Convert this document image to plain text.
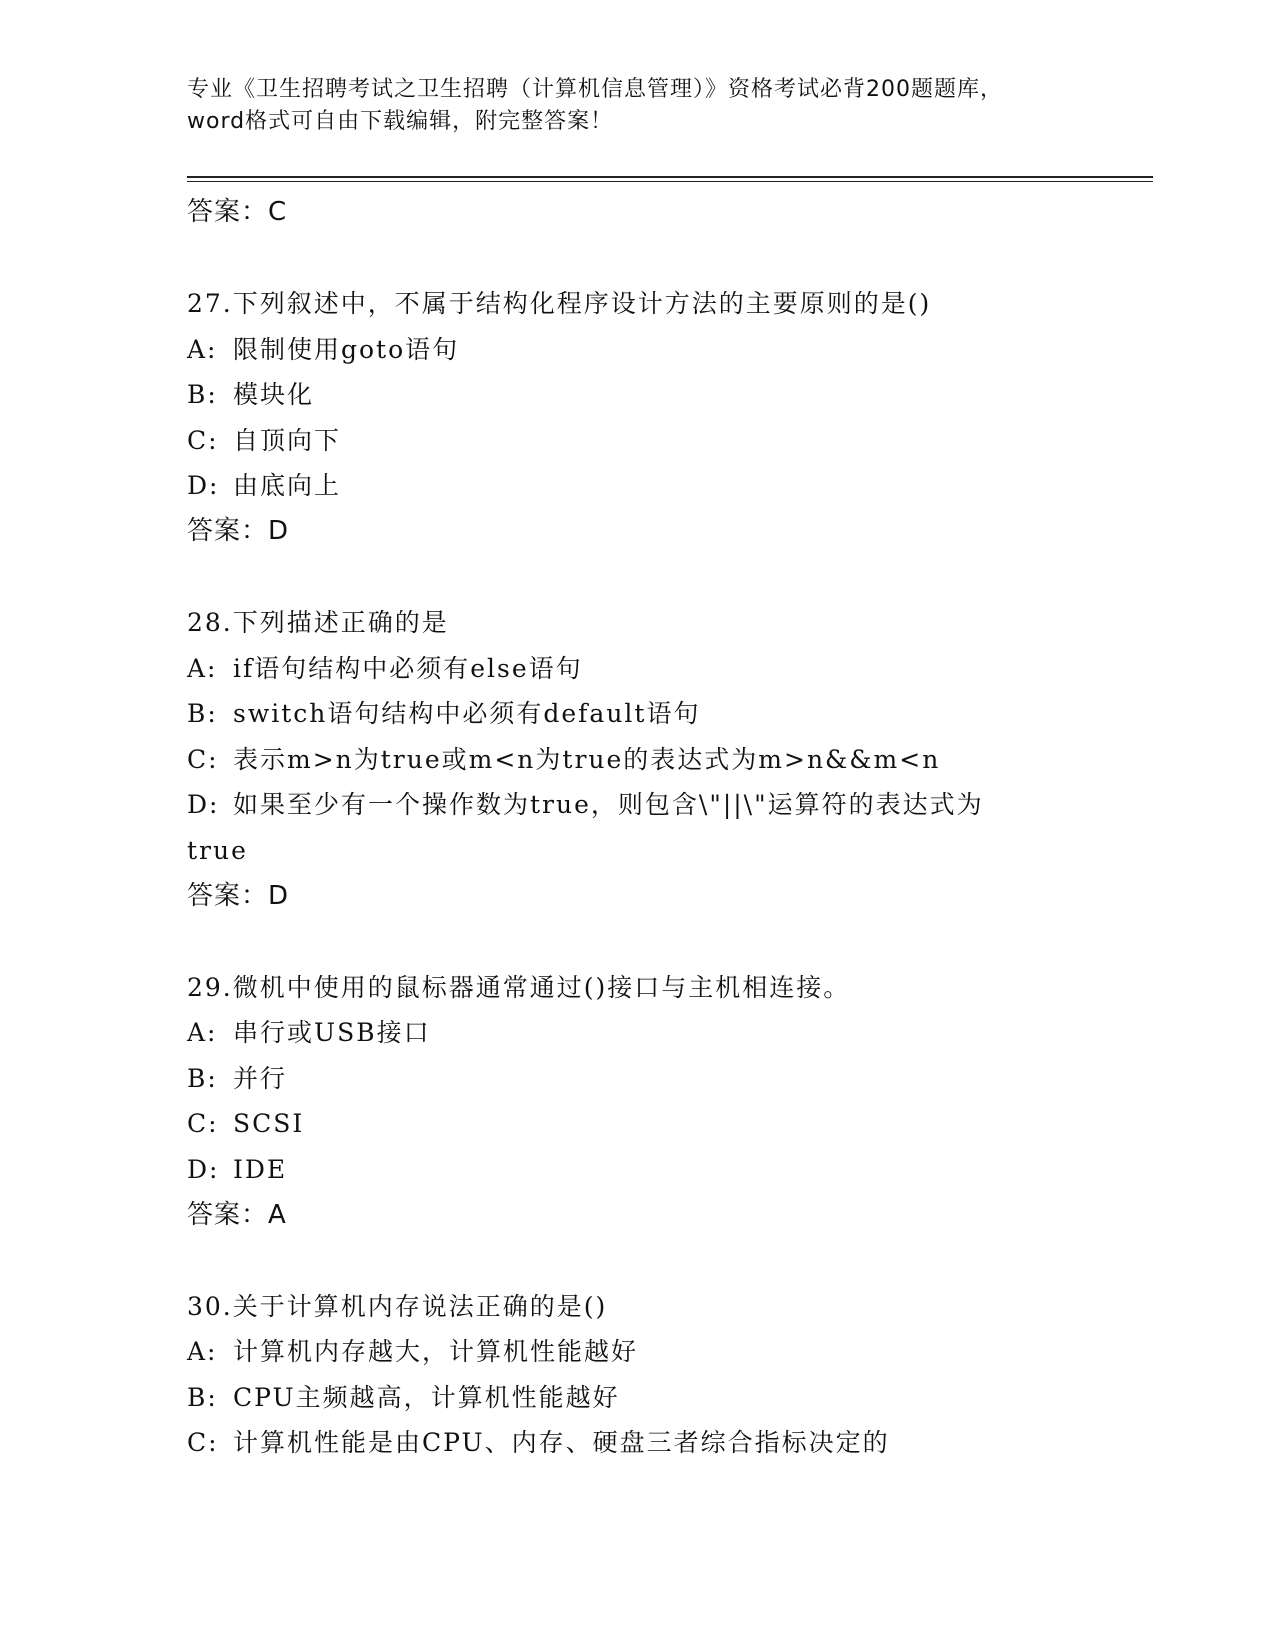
专业《卫生招聘考试之卫生招聘（计算机信息管理）》资格考试必背200题题库，
word格式可自由下载编辑，附完整答案！
答案：C
27.下列叙述中，不属于结构化程序设计方法的主要原则的是()
A: 限制使用goto语句
B: 模块化
C: 自顶向下
D: 由底向上
答案：D
28.下列描述正确的是
A: if语句结构中必须有else语句
B: switch语句结构中必须有default语句
C: 表示m>n为true或m<n为true的表达式为m>n&&m<n
D: 如果至少有一个操作数为true，则包含\"||\"运算符的表达式为
true
答案：D
29.微机中使用的鼠标器通常通过()接口与主机相连接。
A: 串行或USB接口
B: 并行
C: SCSI
D: IDE
答案：A
30.关于计算机内存说法正确的是()
A: 计算机内存越大，计算机性能越好
B: CPU主频越高，计算机性能越好
C: 计算机性能是由CPU、内存、硬盘三者综合指标决定的
